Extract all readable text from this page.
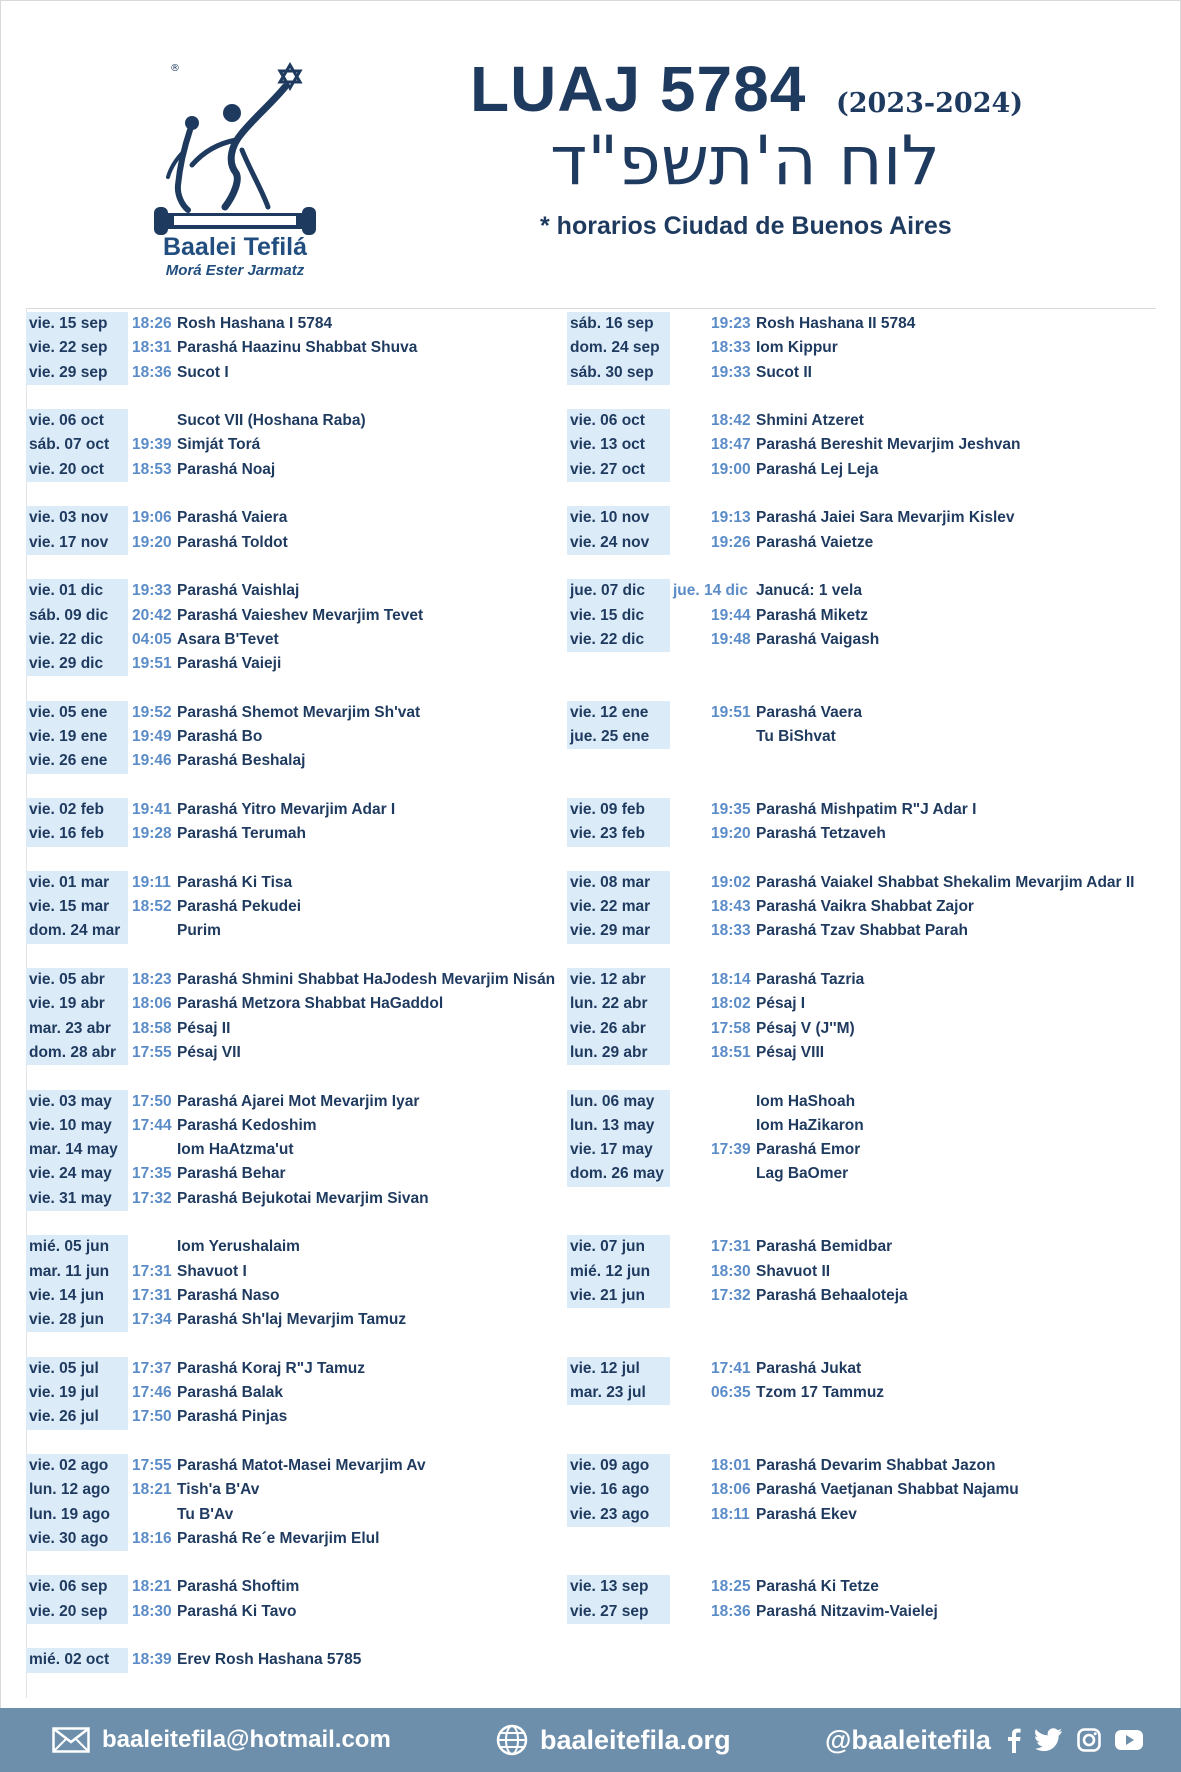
®
Baalei Tefilá
Morá Ester Jarmatz
LUAJ 5784 (2023-2024)
לוח ה'תשפ"ד
* horarios Ciudad de Buenos Aires
vie. 15 sep	18:26 Rosh Hashana I 5784
vie. 22 sep	18:31 Parashá Haazinu Shabbat Shuva
vie. 29 sep	18:36 Sucot I
vie. 06 oct	Sucot VII (Hoshana Raba)
sáb. 07 oct	19:39 Simját Torá
vie. 20 oct	18:53 Parashá Noaj
vie. 03 nov	19:06 Parashá Vaiera
vie. 17 nov	19:20 Parashá Toldot
vie. 01 dic	19:33 Parashá Vaishlaj
sáb. 09 dic	20:42 Parashá Vaieshev Mevarjim Tevet
vie. 22 dic	04:05 Asara B'Tevet
vie. 29 dic	19:51 Parashá Vaieji
vie. 05 ene	19:52 Parashá Shemot Mevarjim Sh'vat
vie. 19 ene	19:49 Parashá Bo
vie. 26 ene	19:46 Parashá Beshalaj
vie. 02 feb	19:41 Parashá Yitro Mevarjim Adar I
vie. 16 feb	19:28 Parashá Terumah
vie. 01 mar	19:11 Parashá Ki Tisa
vie. 15 mar	18:52 Parashá Pekudei
dom. 24 mar	Purim
vie. 05 abr	18:23 Parashá Shmini Shabbat HaJodesh Mevarjim Nisán
vie. 19 abr	18:06 Parashá Metzora Shabbat HaGaddol
mar. 23 abr	18:58 Pésaj II
dom. 28 abr	17:55 Pésaj VII
vie. 03 may	17:50 Parashá Ajarei Mot Mevarjim Iyar
vie. 10 may	17:44 Parashá Kedoshim
mar. 14 may	Iom HaAtzma'ut
vie. 24 may	17:35 Parashá Behar
vie. 31 may	17:32 Parashá Bejukotai Mevarjim Sivan
mié. 05 jun	Iom Yerushalaim
mar. 11 jun	17:31 Shavuot I
vie. 14 jun	17:31 Parashá Naso
vie. 28 jun	17:34 Parashá Sh'laj Mevarjim Tamuz
vie. 05 jul	17:37 Parashá Koraj R"J Tamuz
vie. 19 jul	17:46 Parashá Balak
vie. 26 jul	17:50 Parashá Pinjas
vie. 02 ago	17:55 Parashá Matot-Masei Mevarjim Av
lun. 12 ago	18:21 Tish'a B'Av
lun. 19 ago	Tu B'Av
vie. 30 ago	18:16 Parashá Re´e Mevarjim Elul
vie. 06 sep	18:21 Parashá Shoftim
vie. 20 sep	18:30 Parashá Ki Tavo
mié. 02 oct	18:39 Erev Rosh Hashana 5785
sáb. 16 sep	19:23 Rosh Hashana II 5784
dom. 24 sep	18:33 Iom Kippur
sáb. 30 sep	19:33 Sucot II
vie. 06 oct	18:42 Shmini Atzeret
vie. 13 oct	18:47 Parashá Bereshit Mevarjim Jeshvan
vie. 27 oct	19:00 Parashá Lej Leja
vie. 10 nov	19:13 Parashá Jaiei Sara Mevarjim Kislev
vie. 24 nov	19:26 Parashá Vaietze
jue. 07 dic	jue. 14 dic Janucá: 1 vela
vie. 15 dic	19:44 Parashá Miketz
vie. 22 dic	19:48 Parashá Vaigash
vie. 12 ene	19:51 Parashá Vaera
jue. 25 ene	Tu BiShvat
vie. 09 feb	19:35 Parashá Mishpatim R"J Adar I
vie. 23 feb	19:20 Parashá Tetzaveh
vie. 08 mar	19:02 Parashá Vaiakel Shabbat Shekalim Mevarjim Adar II
vie. 22 mar	18:43 Parashá Vaikra Shabbat Zajor
vie. 29 mar	18:33 Parashá Tzav Shabbat Parah
vie. 12 abr	18:14 Parashá Tazria
lun. 22 abr	18:02 Pésaj I
vie. 26 abr	17:58 Pésaj V (J''M)
lun. 29 abr	18:51 Pésaj VIII
lun. 06 may	Iom HaShoah
lun. 13 may	Iom HaZikaron
vie. 17 may	17:39 Parashá Emor
dom. 26 may	Lag BaOmer
vie. 07 jun	17:31 Parashá Bemidbar
mié. 12 jun	18:30 Shavuot II
vie. 21 jun	17:32 Parashá Behaaloteja
vie. 12 jul	17:41 Parashá Jukat
mar. 23 jul	06:35 Tzom 17 Tammuz
vie. 09 ago	18:01 Parashá Devarim Shabbat Jazon
vie. 16 ago	18:06 Parashá Vaetjanan Shabbat Najamu
vie. 23 ago	18:11 Parashá Ekev
vie. 13 sep	18:25 Parashá Ki Tetze
vie. 27 sep	18:36 Parashá Nitzavim-Vaielej
baaleitefila@hotmail.com	baaleitefila.org	@baaleitefila
